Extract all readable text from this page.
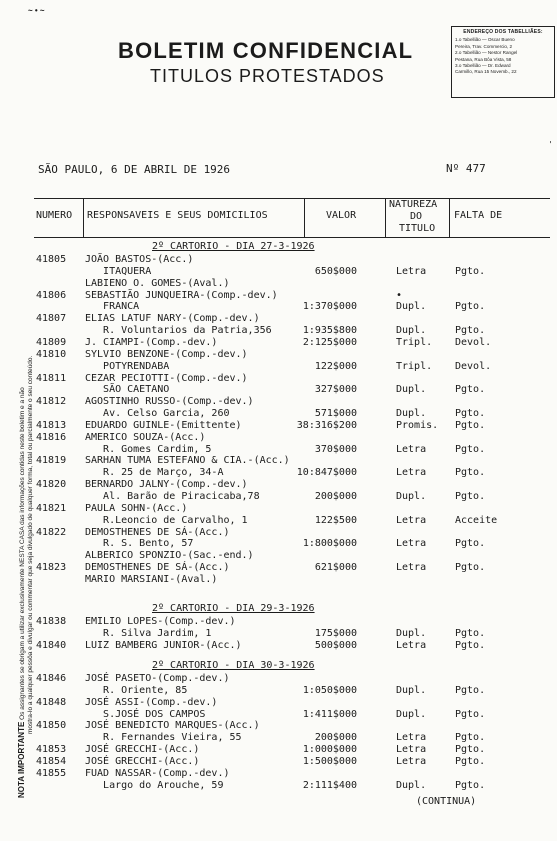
~ • ~
BOLETIM CONFIDENCIAL
TITULOS PROTESTADOS
ENDEREÇO DOS TABELLIÃES:
1.o Tabellião — Oscar Bueno
Pereira, Trav. Commercio, 2
2.o Tabellião — Nestor Rangel
Pestana, Rua Bôa Vista, 58
3.o Tabellião — Dr. Edward
Carmillo, Rua 15 Novemb., 22
NOTA IMPORTANTE Os assignantes se obrigam a utilizar exclusivamente NESTA CASA das informações contidas neste boletim e a não
mostra-lo a qualquer pessôa e divulgar ou commentar que seja divulgado de qualquer forma, total ou parcialmente o seu conteúdo.
SÃO PAULO, 6 DE ABRIL DE 1926	Nº 477
'
NUMERO RESPONSAVEIS E SEUS DOMICILIOS	VALOR
NATUREZA
DO
TITULO
FALTA DE
2º CARTORIO - DIA 27-3-1926
41805 JOÃO BASTOS-(Acc.)
ITAQUERA	650$000	Letra	Pgto.
LABIENO O. GOMES-(Aval.)
41806 SEBASTIÃO JUNQUEIRA-(Comp.-dev.)	•
FRANCA	1:370$000	Dupl.	Pgto.
41807 ELIAS LATUF NARY-(Comp.-dev.)
R. Voluntarios da Patria,356	1:935$800	Dupl.	Pgto.
41809 J. CIAMPI-(Comp.-dev.)	2:125$000	Tripl. Devol.
41810 SYLVIO BENZONE-(Comp.-dev.)
POTYRENDABA	122$000	Tripl. Devol.
41811 CEZAR PECIOTTI-(Comp.-dev.)
SÃO CAETANO	327$000	Dupl.	Pgto.
41812 AGOSTINHO RUSSO-(Comp.-dev.)
Av. Celso Garcia, 260	571$000	Dupl.	Pgto.
41813 EDUARDO GUINLE-(Emittente)	38:316$200	Promis. Pgto.
41816 AMERICO SOUZA-(Acc.)
R. Gomes Cardim, 5	370$000	Letra	Pgto.
41819 SARHAN TUMA ESTEFANO & CIA.-(Acc.)
R. 25 de Março, 34-A	10:847$000	Letra	Pgto.
41820 BERNARDO JALNY-(Comp.-dev.)
Al. Barão de Piracicaba,78	200$000	Dupl.	Pgto.
41821 PAULA SOHN-(Acc.)
R.Leoncio de Carvalho, 1	122$500	Letra	Acceite
41822 DEMOSTHENES DE SÁ-(Acc.)
R. S. Bento, 57	1:800$000	Letra	Pgto.
ALBERICO SPONZIO-(Sac.-end.)
41823 DEMOSTHENES DE SÁ-(Acc.)	621$000	Letra	Pgto.
MARIO MARSIANI-(Aval.)
2º CARTORIO - DIA 29-3-1926
41838 EMILIO LOPES-(Comp.-dev.)
R. Silva Jardim, 1	175$000	Dupl.	Pgto.
41840 LUIZ BAMBERG JUNIOR-(Acc.)	500$000	Letra	Pgto.
2º CARTORIO - DIA 30-3-1926
41846 JOSÉ PASETO-(Comp.-dev.)
R. Oriente, 85	1:050$000	Dupl.	Pgto.
41848 JOSÉ ASSI-(Comp.-dev.)
S.JOSÉ DOS CAMPOS	1:411$000	Dupl.	Pgto.
41850 JOSÉ BENEDICTO MARQUES-(Acc.)
R. Fernandes Vieira, 55	200$000	Letra	Pgto.
41853 JOSÉ GRECCHI-(Acc.)	1:000$000	Letra	Pgto.
41854 JOSÉ GRECCHI-(Acc.)	1:500$000	Letra	Pgto.
41855 FUAD NASSAR-(Comp.-dev.)
Largo do Arouche, 59	2:111$400	Dupl.	Pgto.
(CONTINUA)
